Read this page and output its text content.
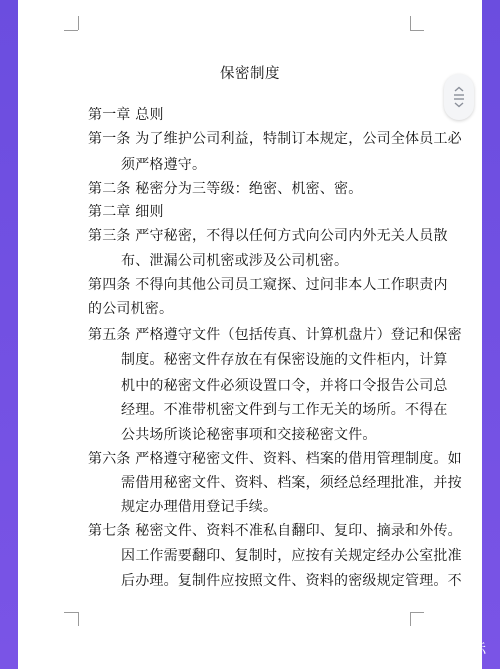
保密制度
第一章 总则
第一条 为了维护公司利益，特制订本规定，公司全体员工必
须严格遵守。
第二条 秘密分为三等级：绝密、机密、密。
第二章 细则
第三条 严守秘密，不得以任何方式向公司内外无关人员散
布、泄漏公司机密或涉及公司机密。
第四条 不得向其他公司员工窥探、过问非本人工作职责内
的公司机密。
第五条 严格遵守文件（包括传真、计算机盘片）登记和保密
制度。秘密文件存放在有保密设施的文件柜内，计算
机中的秘密文件必须设置口令，并将口令报告公司总
经理。不准带机密文件到与工作无关的场所。不得在
公共场所谈论秘密事项和交接秘密文件。
第六条 严格遵守秘密文件、资料、档案的借用管理制度。如
需借用秘密文件、资料、档案，须经总经理批准，并按
规定办理借用登记手续。
第七条 秘密文件、资料不准私自翻印、复印、摘录和外传。
因工作需要翻印、复制时，应按有关规定经办公室批准
后办理。复制件应按照文件、资料的密级规定管理。不
@人生路标
